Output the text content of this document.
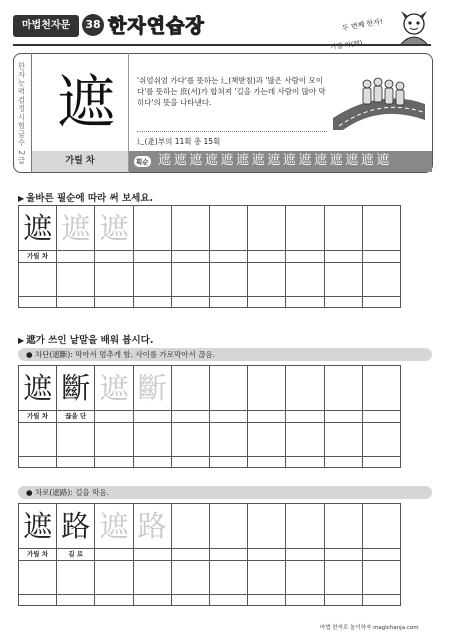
마법천자문	38 한자연습장	두 번째 한자!
한자능력검정시험급수 2급 遮	'쉬엄쉬엄 가다'를 뜻하는 辶(책받침)과 '많은 사람이 모이다'를 뜻하는 庶(서)가 합쳐져 '길을 가는데 사람이 많아 막히다'의 뜻을 나타낸다.
辶(辵)부의 11획 총 15획
가릴 차	획순 遮遮遮遮遮遮遮遮遮遮遮遮遮遮遮
▶ 올바른 필순에 따라 써 보세요.
遮	遮	遮							

가릴 차									

▶ 遮가 쓰인 낱말을 배워 봅시다.
● 차단(遮斷): 막아서 멈추게 함. 사이를 가로막아서 끊음.
遮	斷	遮	斷						

가릴 차	끊을 단								

● 차로(遮路): 길을 막음.
遮	路	遮	路						

가릴 차	길 로								

마법 한자로 놀이하자 magichanja.com
